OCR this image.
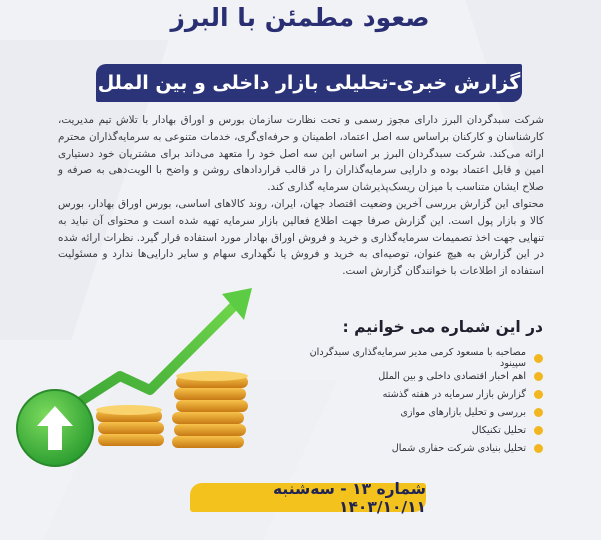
صعود مطمئن با البرز
گزارش خبری-تحلیلی بازار داخلی و بین الملل

شرکت سبدگردان البرز دارای مجوز رسمی و تحت نظارت سازمان بورس و اوراق بهادار با تلاش تیم مدیریت، کارشناسان و کارکنان براساس سه اصل اعتماد، اطمینان و حرفه‌ای‌گری، خدمات متنوعی به سرمایه‌گذاران محترم ارائه می‌کند. شرکت سبدگردان البرز بر اساس این سه اصل خود را متعهد می‌داند برای مشتریان خود دستیاری امین و قابل اعتماد بوده و دارایی سرمایه‌گذاران را در قالب قراردادهای روشن و واضح با الویت‌دهی به صرفه و صلاح ایشان متناسب با میزان ریسک‌پذیرشان سرمایه گذاری کند.

محتوای این گزارش بررسی آخرین وضعیت اقتصاد جهان، ایران، روند کالاهای اساسی، بورس اوراق بهادار، بورس کالا و بازار پول است. این گزارش صرفا جهت اطلاع فعالین بازار سرمایه تهیه شده است و محتوای آن نباید به تنهایی جهت اخذ تصمیمات سرمایه‌گذاری و خرید و فروش اوراق بهادار مورد استفاده قرار گیرد. نظرات ارائه شده در این گزارش به هیچ عنوان، توصیه‌ای به خرید و فروش یا نگهداری سهام و سایر دارایی‌ها ندارد و مسئولیت استفاده از اطلاعات با خوانندگان گزارش است.

در این شماره می خوانیم :
مصاحبه با مسعود کرمی مدیر سرمایه‌گذاری سبدگردان سپینود
اهم اخبار اقتصادی داخلی و بین الملل
گزارش بازار سرمایه در هفته گذشته
بررسی و تحلیل بازارهای موازی
تحلیل تکنیکال
تحلیل بنیادی شرکت حفاری شمال
شماره ۱۳ - سه‌شنبه ۱۴۰۳/۱۰/۱۱
